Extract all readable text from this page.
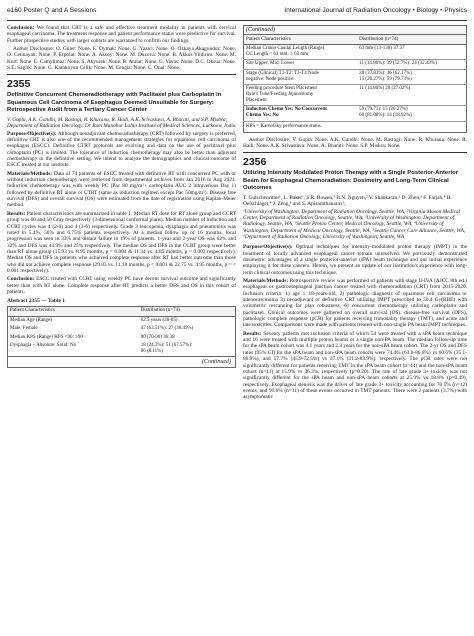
e160 Poster Q and A Sessions	International Journal of Radiation Oncology • Biology • Physics

Conclusion: We found that CRT is a safe and effective treatment modality in patients with cervical esophageal carcinoma. The treatment response and patient performance status were predictive for survival. Further prospective studies with larger cohorts are warranted to confirm our findings.

Author Disclosure: O. Guler: None. E. Oymak: None. G. Yazici: None. O. Ozkaya Akagunduz: None. O. Cetinayak: None. P. Erpolat: None. A. Aksoy: None. M. Duzova: None. B. Akkus Yildirim: None. M. Kurt: None. E. Camyilmaz: None. S. Akyurek: None. B. Atalar: None. G. Yavas: None. D.C. Oksuz: None. S.E. Saglık: None. G. Karakoyun Celik: None. M. Cengiz: None. C. Onal: None.

2355
Definitive Concurrent Chemoradiotherapy with Paclitaxel plus Carboplatin in Squamous Cell Carcinoma of Esophagus Deemed Unsuitable for Surgery: Retrospective Audit from a Tertiary Cancer Center

V. Gupta, A.K. Gandhi, M. Rastogi, R. Khurana, R. Hadi, A.K. Srivastava, A. Bharati, and S.P. Mishra; Department of Radiation Oncology, Dr Ram Manohar Lohia Institute of Medical Sciences, Lucknow, India

Purpose/Objective(s): Although neoadjuvant chemoradiotherapy (CRT) followed by surgery is preferred, definitive CRT is also one of the recommended management strategies for squamous cell carcinoma of esophagus (ESCC). Definitive CTRT protocols are evolving and data on the use of paclitaxel plus carboplatin (PC) is limited. The tolerance of induction chemotherapy may also be better than adjuvant chemotherapy in the definitive setting. We intend to analyze the demographics and clinical outcome of ESCC treated at our institute.

Materials/Methods: Data of 74 patients of ESCC treated with definitive RT with concurrent PC with or without induction chemotherapy were retrieved from departmental archives from Jan 2016 to Aug 2021. Induction chemotherapy was with weekly PC (Pac 80 mg/m²+ carboplatin AUC 2 intravenous Day 1) followed by definitive RT alone or CTRT (same as induction regimen except Pac 50mg/m²). Disease free survival (DFS) and overall survival (OS) were estimated from the date of registration using Kaplan-Meier method.

Results: Patient characteristics are summarized in table 1. Median RT dose for RT alone group and CCRT group was 60 and 50 Gray respectively (3-dimensional conformal plans). Median number of induction and CCRT cycles was 4 (2-6) and 4 (3-6) respectively. Grade 3 leucopenia, dysphagia and pneumonitis was noted in 5.4%, 56% and 6.75% patients respectively. At a median follow up of 16 months, local progression was seen in 33% and distant failure in 19% of patients. 1-year and 2-year OS was 62% and 32% and DFS was 43.9% and 25% respectively. The median OS and DFS in the CCRT group were better than RT alone group (15.93 vs. 8.95 months, p = 0.004 & 11.34 vs. 4.85 months, p = 0.003 respectively). Median OS and DFS in patients who achieved complete response after RT had better outcome than those who did not achieve complete response (29.83 vs. 11.18 months, p < 0.001 & 22.75 vs. 4.95 months, p = < 0.001 respectively).

Conclusion: ESCC treated with CCRT using weekly PC have decent survival outcome and significantly better than with RT alone. Complete response after RT predicts a better DFS and OS in this cohort of patients.

Abstract 2355 — Table 1
Patient Characteristics	Distribution (n=74)
Median Age (Range)	62.5 years (28-85)
Male: Female	47 (63.51%): 27 (36.49%)
Median KPS (Range) KPS <90: ≥90	90 (70-90) 36:38
Dysphagia – Absolute: Solid: No	18 (24.3%): 51 (67.57%):
06 (8.11%)
(Continued)
(Continued)	
Patient Characteristics	Distribution (n=74)
Median Cranio Caudal Length (Range)
CC Length < 63 mm: ≥ 63 mm	63 mm (13-130) 37:37
Site Upper: Mid: Lower	11 (14.86%): 39 (52.7%): 24 (32.43%)
Stage (Clinical) T1-T2: T3-T4 Node
negative: Node positive	28 (37.83%): 46 (62.17%)
15 (20.27%): 59 (79.73%)
Feeding procedure Stent Placement
Ryle's Tube/Feeding Jejunostomy
Placement	11 (14.86%) 20 (27.02%)
Induction Chemo Yes: No Concurrent
Chemo Yes: No	59 (79.73): 15 (20.27%)
60 (81.08%): 14 (18.92%)
KPS = Karnofsky performance status.	

Author Disclosure: V. Gupta: None. A.K. Gandhi: None. M. Rastogi: None. R. Khurana: None. R. Hadi: None. A.K. Srivastava: None. A. Bharati: None. S.P. Mishra: None.

2356
Utilizing Intensity Modulated Proton Therapy with a Single Posterior-Anterior Beam for Esophageal Chemoradiation: Dosimetry and Long-Term Clinical Outcomes

T. Gutschenritter¹, L. Baker¹, S.R. Bowen,¹ B.N. Nguyen,² V. Shankaran,³ D. Zhen,³ F. Farjah,⁴ B. Oelschlager,⁴ J. Zeng,¹ and S. Apisarnthanarax¹;

¹University of Washington, Department of Radiation Oncology, Seattle, WA, ²Virginia Mason Medical Center, Department of Radiation Oncology, Seattle, WA, ³University of Washington, Department of Radiology, Seattle, WA, ³Seattle Proton Center, Medical Oncology, Seattle, WA, ⁴University of Washington, Department of Medical Oncology, Seattle, WA, ⁵Seattle Cancer Care Alliance, Seattle, WA, ⁶Department of Radiation Oncology, University of Washington, Seattle, WA

Purpose/Objective(s): Optimal techniques for intensity-modulated proton therapy (IMPT) in the treatment of locally advanced esophageal cancer remain unresolved. We previously demonstrated dosimetric advantages of a single posterior-anterior (sPA) beam technique and our initial experience employing it for these cancers. Herein, we present an update of our institution's experience with long-term clinical outcomes using this technique.

Materials/Methods: Retrospective review was performed of patients with stage II-IVA (AJCC 8th ed.) esophageal or gastroesophageal junction cancer treated with chemoradiation (CRT) from 2015-2020. Inclusion criteria: 1) age ≥ 18-years-old, 2) pathologic diagnosis of squamous cell carcinoma or adenocarcinoma 3) neoadjuvant or definitive CRT utilizing IMPT prescribed to 50.4 Gy(RBE) with volumetric rescanning for plan robustness, 6) concurrent chemotherapy utilizing carboplatin and paclitaxel. Clinical outcomes were gathered on overall survival (OS), disease-free survival (DFS), pathologic complete response (pCR) for patients receiving trimodality therapy (TMT), and acute and late toxicities. Comparisons were made with patients treated with non-single PA beam IMPT techniques.

Results: Seventy patients met inclusion criteria of which 54 were treated with a sPA beam technique and 16 were treated with multiple proton beams or a single non-PA beam. The median follow-up time for the sPA beam cohort was 4.1 years and 2.3 years for the non-sPA beam cohort. The 2-yr OS and DFS rates (95% CI) for the sPA beam and non-sPA beam cohorts were 74.4% (63.8-86.8%) vs 60.6% (35.1-86.9%), and 57.7% (45.9-72.5%) vs 37.1% (31.2-83.9%), respectively. The pCR rates were not significantly different for patients receiving TMT in the sPA beam cohort (n=44) and the non-sPA beam cohort (n=11) at 15.9% vs 36.3%, respectively (p=0.20). The rate of late grade 3+ toxicity was not significantly different for the sPA beam and non-sPA beam cohorts at 25.9% vs 18.8% (p=0.49), respectively. Esophageal stenosis was the driver of late grade 3+ toxicity accounting for 70.5% (n=12) events, and 91.6% (n=11) of these events occurred in TMT patients. There were 2 patients (3.7%) with asymptomatic
